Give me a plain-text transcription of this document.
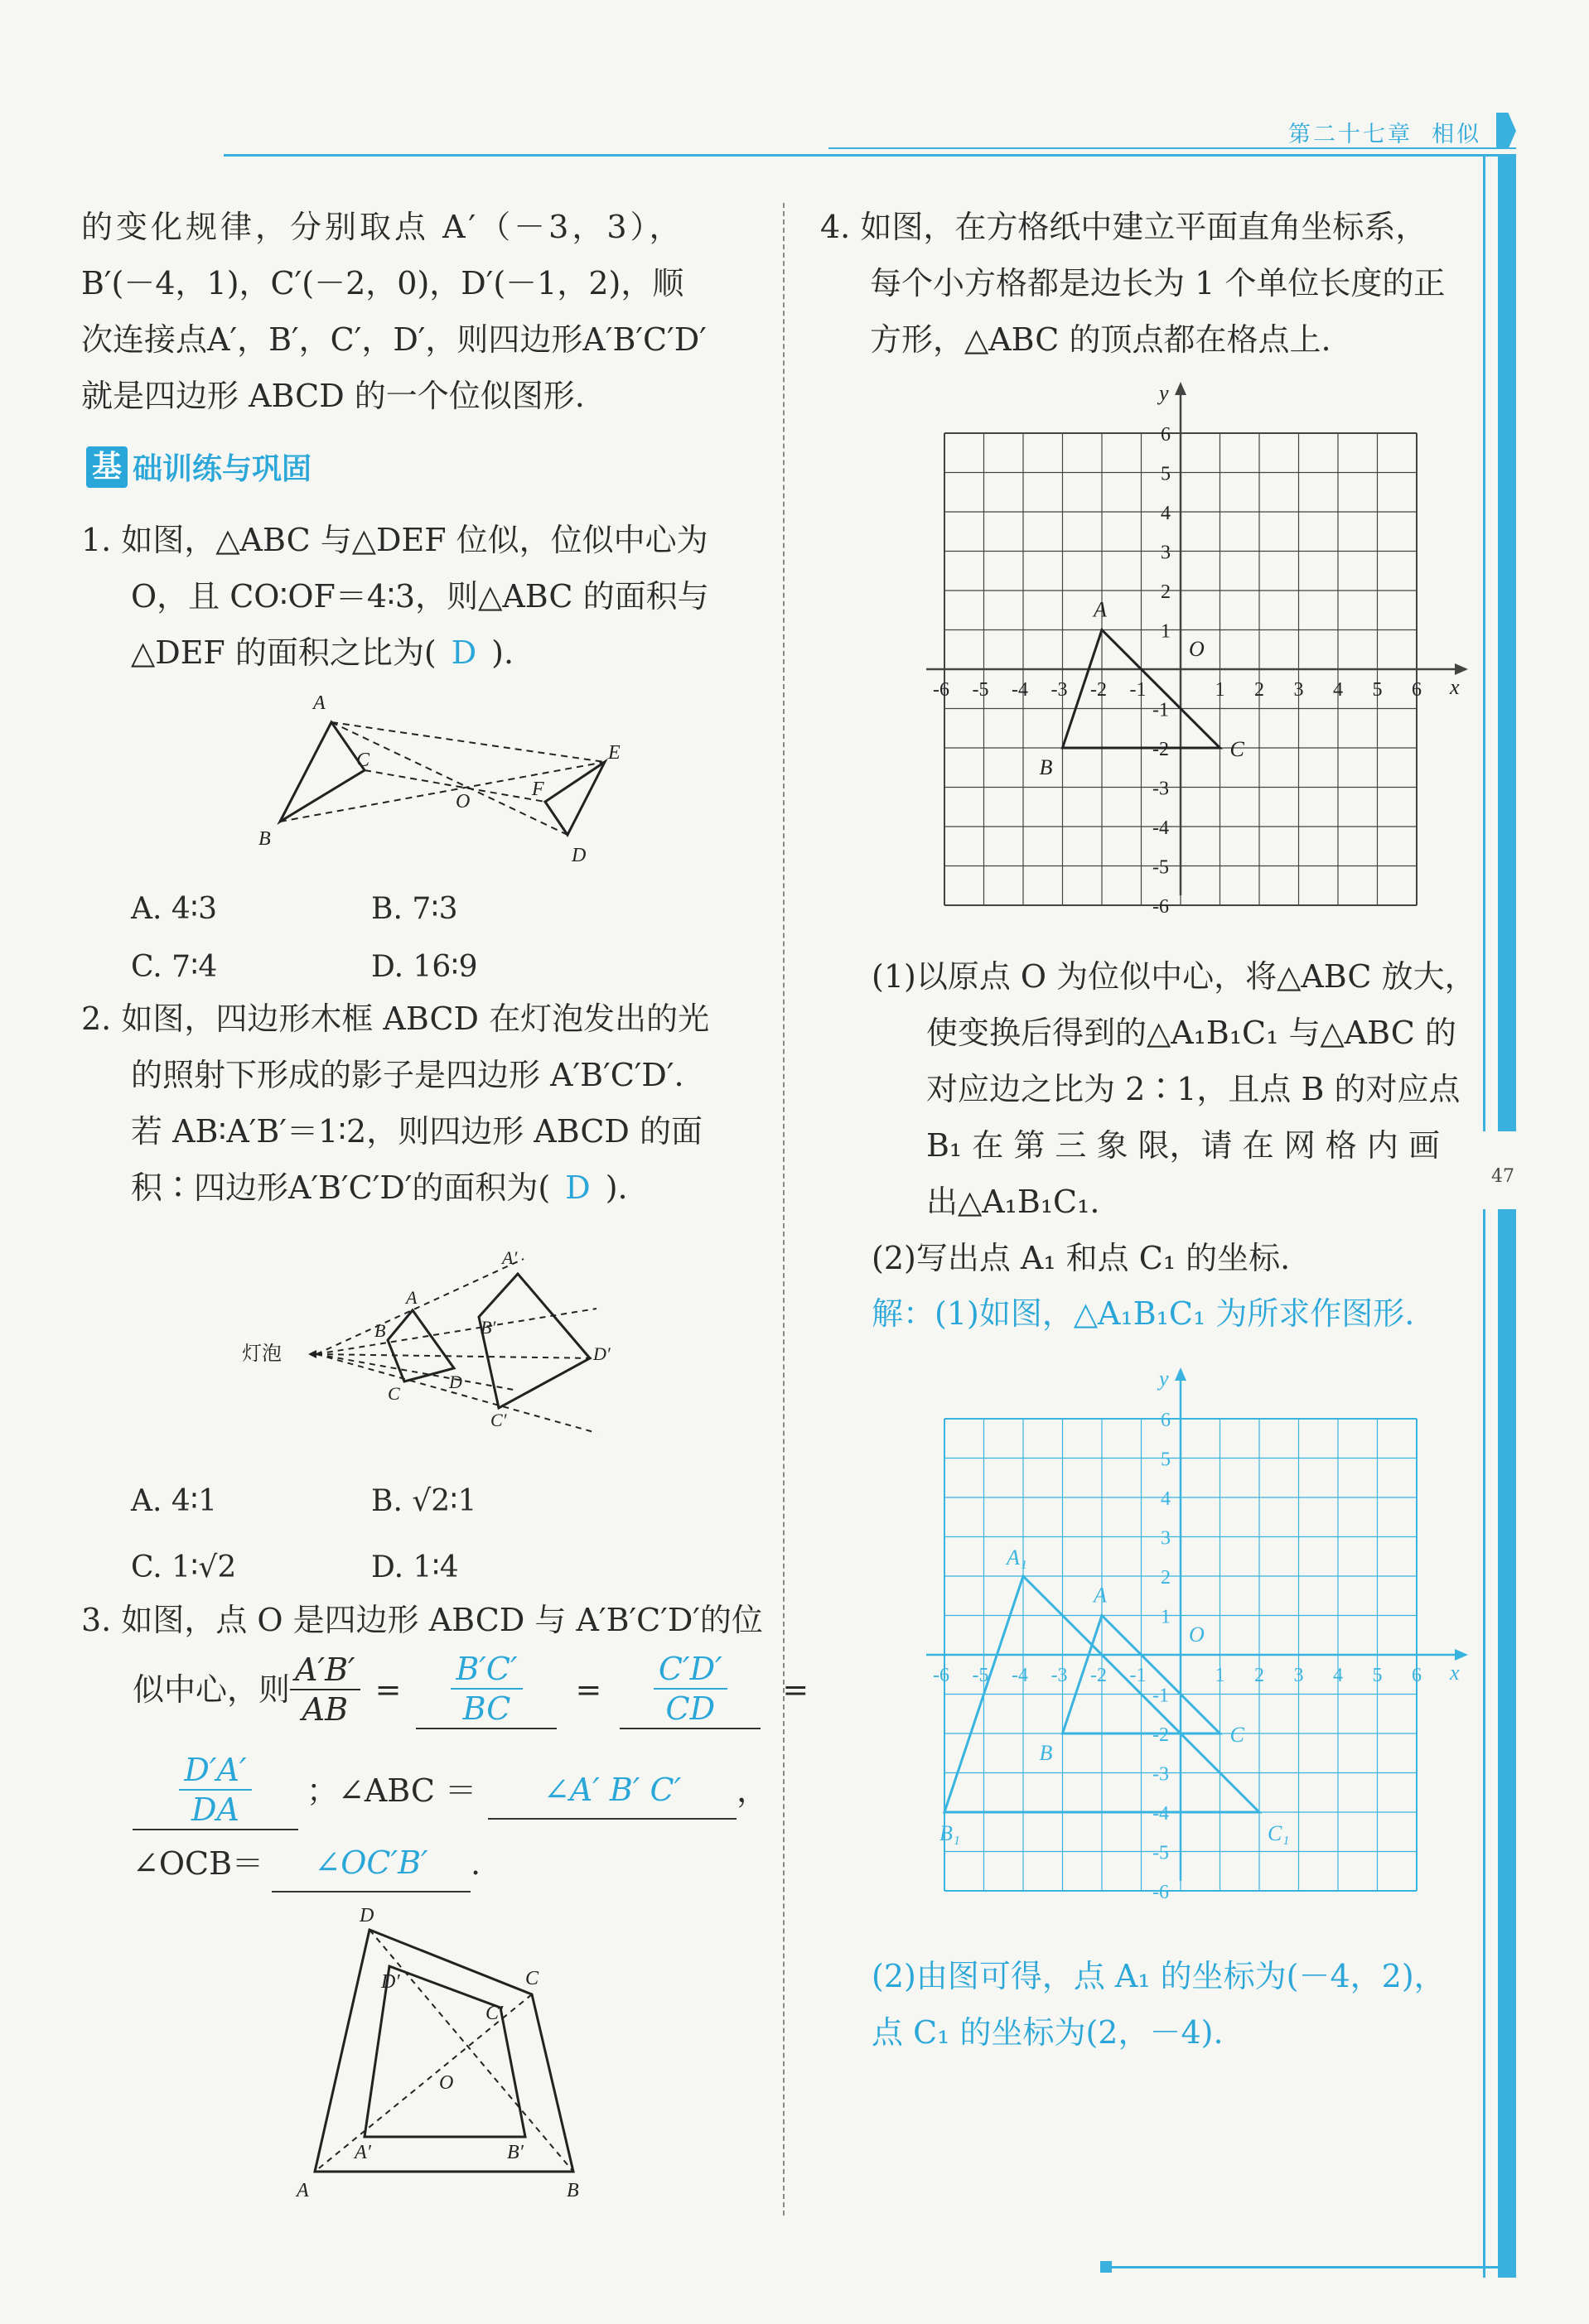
第二十七章 相似
47
的变化规律，分别取点 A′（－3，3），
B′(－4，1)，C′(－2，0)，D′(－1，2)，顺
次连接点A′，B′，C′，D′，则四边形A′B′C′D′
就是四边形 ABCD 的一个位似图形.
基 础训练与巩固
1. 如图，△ABC 与△DEF 位似，位似中心为
O，且 CO∶OF＝4∶3，则△ABC 的面积与
△DEF 的面积之比为( D ).
A
B
C
O
F
E
D
A. 4∶3	B. 7∶3
C. 7∶4	D. 16∶9
2. 如图，四边形木框 ABCD 在灯泡发出的光
的照射下形成的影子是四边形 A′B′C′D′.
若 AB∶A′B′＝1∶2，则四边形 ABCD 的面
积∶四边形A′B′C′D′的面积为( D ).
灯泡
A
B
C
D
A′
B′
C′
D′
A. 4∶1	B. √2∶1
C. 1∶√2	D. 1∶4
3. 如图，点 O 是四边形 ABCD 与 A′B′C′D′的位
似中心，则 $\frac{A'B'}{AB} = \frac{B'C'}{BC} = \frac{C'D'}{CD}$ =
$\frac{D'A'}{DA}$ ；∠ABC ＝	∠A′ B′ C′	，
∠OCB＝	∠OC′B′	.
D
D′	C
C′
O
A′	B′
A	B
4. 如图，在方格纸中建立平面直角坐标系，
每个小方格都是边长为 1 个单位长度的正
方形，△ABC 的顶点都在格点上.
x
y
O
-6 -5 -4 -3 -2 -1	1 2 3 4 5 6
6
5
4
3
2
1
-1
-2
-3
-4
-5
-6
A
B
C
(1)以原点 O 为位似中心，将△ABC 放大，
使变换后得到的△A₁B₁C₁ 与△ABC 的
对应边之比为 2∶1，且点 B 的对应点
B₁ 在 第 三 象 限，请 在 网 格 内 画
出△A₁B₁C₁.
(2)写出点 A₁ 和点 C₁ 的坐标.
解：(1)如图，△A₁B₁C₁ 为所求作图形.
x
y
O
-6 -5 -4 -3 -2 -1	1 2 3 4 5 6
6
5
4
3
2
1
-1
-2
-3
-4
-5
-6
A
B
C
A₁
B₁	C₁
(2)由图可得，点 A₁ 的坐标为(－4，2)，
点 C₁ 的坐标为(2，－4).
